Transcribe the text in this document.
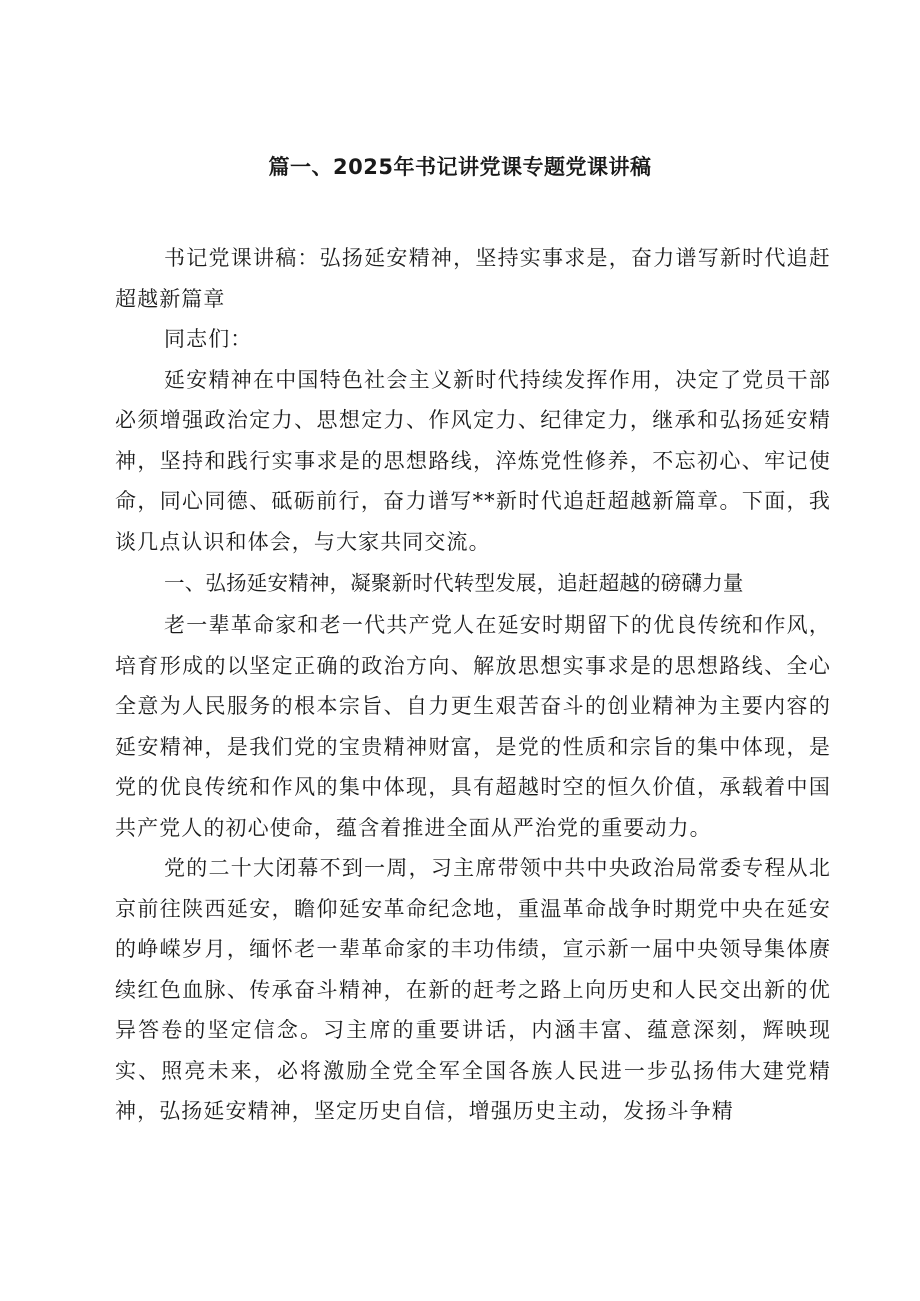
篇一、2025年书记讲党课专题党课讲稿

书记党课讲稿：弘扬延安精神，坚持实事求是，奋力谱写新时代追赶超越新篇章

同志们：

延安精神在中国特色社会主义新时代持续发挥作用，决定了党员干部必须增强政治定力、思想定力、作风定力、纪律定力，继承和弘扬延安精神，坚持和践行实事求是的思想路线，淬炼党性修养，不忘初心、牢记使命，同心同德、砥砺前行，奋力谱写**新时代追赶超越新篇章。下面，我谈几点认识和体会，与大家共同交流。

一、弘扬延安精神，凝聚新时代转型发展，追赶超越的磅礴力量

老一辈革命家和老一代共产党人在延安时期留下的优良传统和作风，培育形成的以坚定正确的政治方向、解放思想实事求是的思想路线、全心全意为人民服务的根本宗旨、自力更生艰苦奋斗的创业精神为主要内容的延安精神，是我们党的宝贵精神财富，是党的性质和宗旨的集中体现，是党的优良传统和作风的集中体现，具有超越时空的恒久价值，承载着中国共产党人的初心使命，蕴含着推进全面从严治党的重要动力。

党的二十大闭幕不到一周，习主席带领中共中央政治局常委专程从北京前往陕西延安，瞻仰延安革命纪念地，重温革命战争时期党中央在延安的峥嵘岁月，缅怀老一辈革命家的丰功伟绩，宣示新一届中央领导集体赓续红色血脉、传承奋斗精神，在新的赶考之路上向历史和人民交出新的优异答卷的坚定信念。习主席的重要讲话，内涵丰富、蕴意深刻，辉映现实、照亮未来，必将激励全党全军全国各族人民进一步弘扬伟大建党精神，弘扬延安精神，坚定历史自信，增强历史主动，发扬斗争精
